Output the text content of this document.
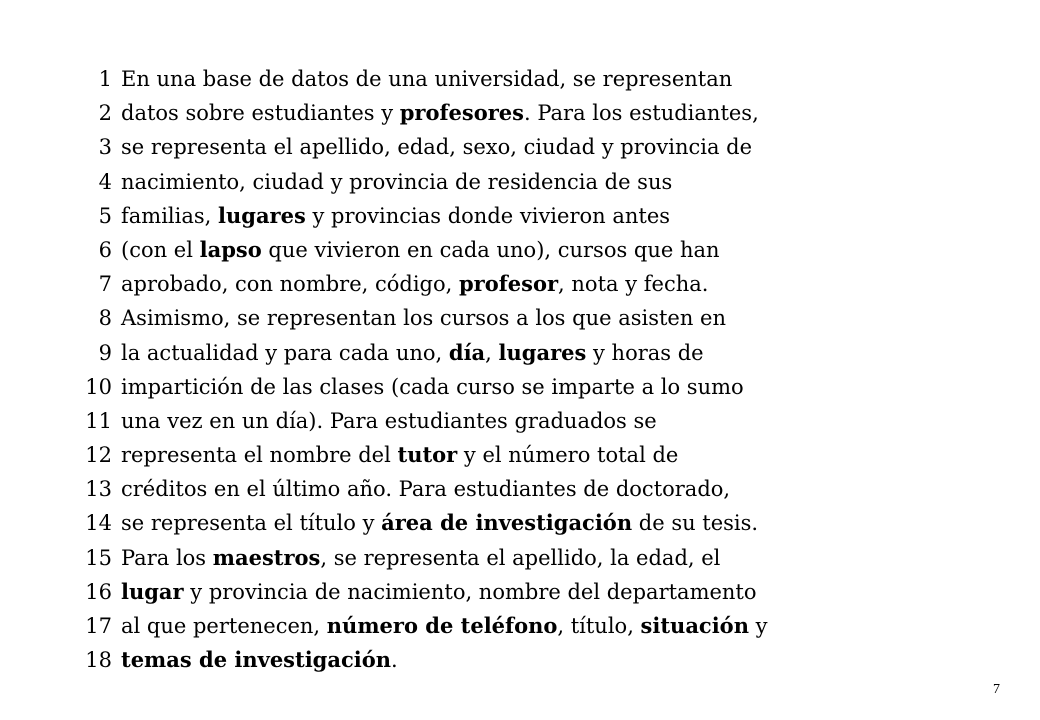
1 En una base de datos de una universidad, se representan
2 datos sobre estudiantes y profesores. Para los estudiantes,
3 se representa el apellido, edad, sexo, ciudad y provincia de
4 nacimiento, ciudad y provincia de residencia de sus
5 familias, lugares y provincias donde vivieron antes
6 (con el lapso que vivieron en cada uno), cursos que han
7 aprobado, con nombre, código, profesor, nota y fecha.
8 Asimismo, se representan los cursos a los que asisten en
9 la actualidad y para cada uno, día, lugares y horas de
10 impartición de las clases (cada curso se imparte a lo sumo
11 una vez en un día). Para estudiantes graduados se
12 representa el nombre del tutor y el número total de
13 créditos en el último año. Para estudiantes de doctorado,
14 se representa el título y área de investigación de su tesis.
15 Para los maestros, se representa el apellido, la edad, el
16 lugar y provincia de nacimiento, nombre del departamento
17 al que pertenecen, número de teléfono, título, situación y
18 temas de investigación.
7
